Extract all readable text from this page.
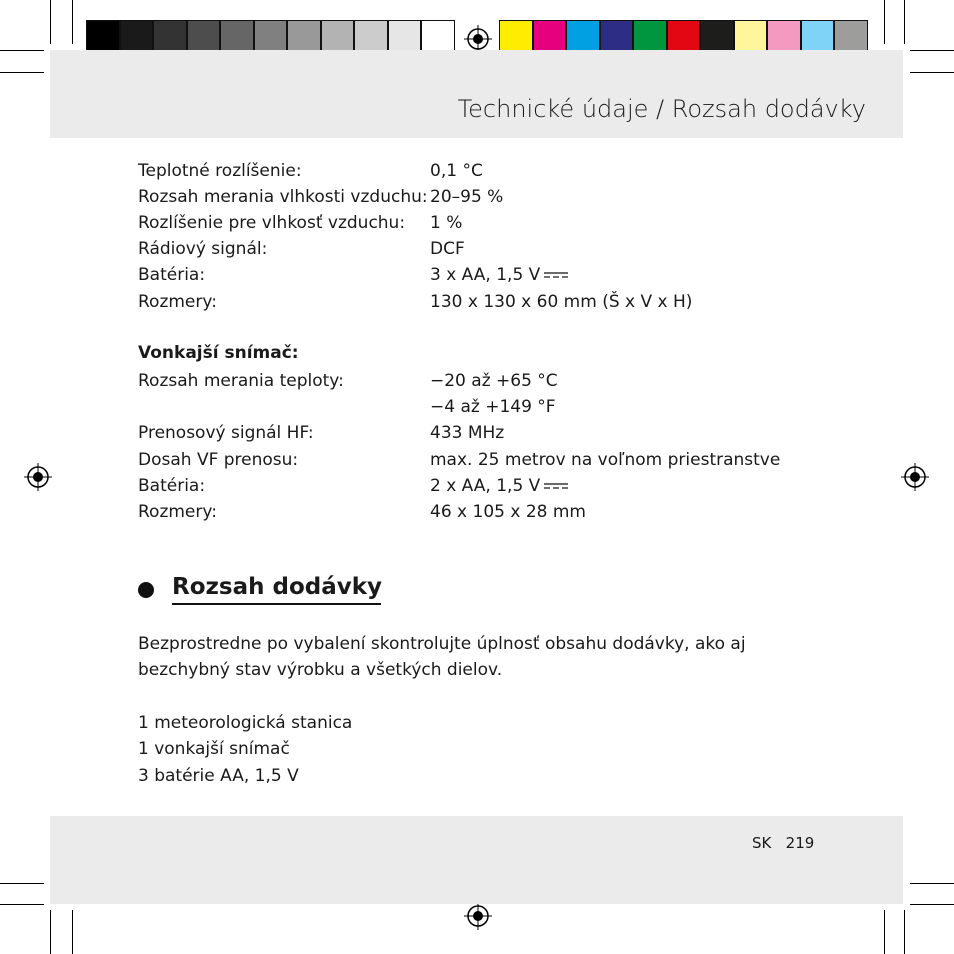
Technické údaje / Rozsah dodávky
Teplotné rozlíšenie:	0,1 °C
Rozsah merania vlhkosti vzduchu: 20–95 %
Rozlíšenie pre vlhkosť vzduchu: 1 %
Rádiový signál:	DCF
Batéria:	3 x AA, 1,5 V
Rozmery:	130 x 130 x 60 mm (Š x V x H)
Vonkajší snímač:
Rozsah merania teploty:	−20 až +65 °C
−4 až +149 °F
Prenosový signál HF:	433 MHz
Dosah VF prenosu:	max. 25 metrov na voľnom priestranstve
Batéria:	2 x AA, 1,5 V
Rozmery:	46 x 105 x 28 mm
Rozsah dodávky
Bezprostredne po vybalení skontrolujte úplnosť obsahu dodávky, ako aj bezchybný stav výrobku a všetkých dielov.
1 meteorologická stanica
1 vonkajší snímač
3 batérie AA, 1,5 V
SK   219
